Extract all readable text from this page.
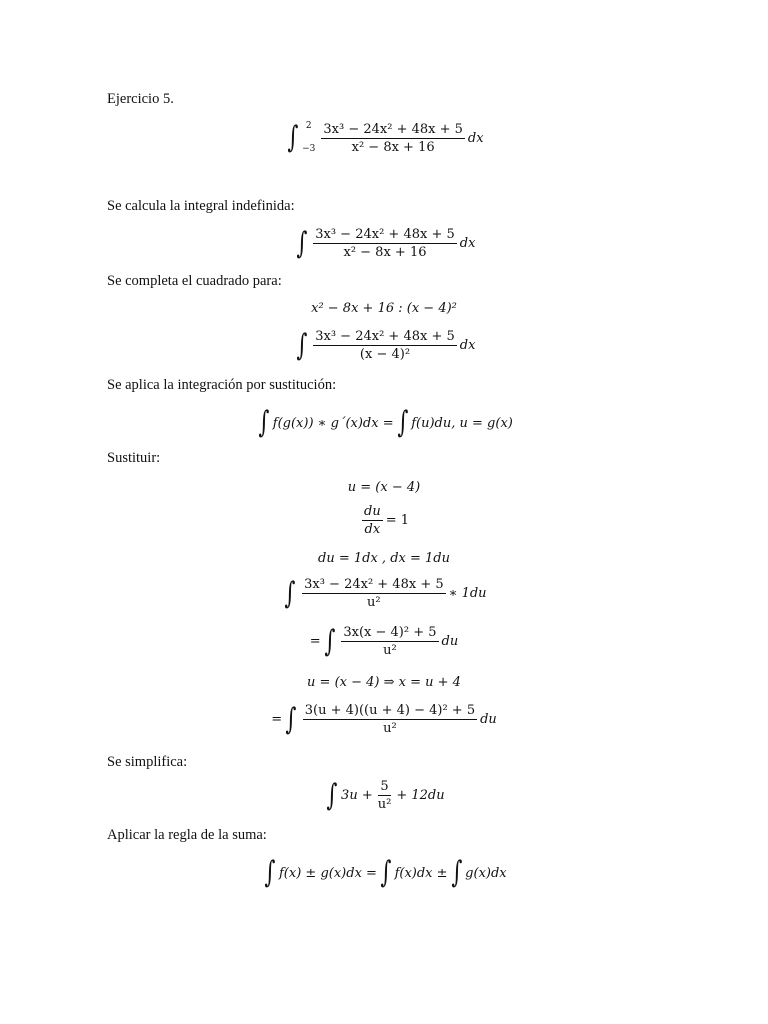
Ejercicio 5.
∫ 2
$-3 \frac{\text{3x³ − 24x² + 48x + 5}}{\text{x² − 8x + 16}}$ dx
Se calcula la integral indefinida:
∫ $\frac{\text{3x³ − 24x² + 48x + 5}}{\text{x² − 8x + 16}}$ dx
Se completa el cuadrado para:
x² − 8x + 16 : (x − 4)²
∫ $\frac{\text{3x³ − 24x² + 48x + 5}}{\text{(x − 4)²}}$ dx
Se aplica la integración por sustitución:
∫ f(g(x)) ∗ g´(x)dx = ∫ f(u)du, u = g(x)
Sustituir:
u = (x − 4)
$\frac{du}{dx} = 1$
du = 1dx , dx = 1du
∫ $\frac{\text{3x³ − 24x² + 48x + 5}}{\text{u²}}$ ∗ 1du
= ∫ $\frac{\text{3x(x − 4)² + 5}}{\text{u²}}$ du
u = (x − 4) ⇒ x = u + 4
= ∫ $\frac{\text{3(u + 4)((u + 4) − 4)² + 5}}{\text{u²}}$ du
Se simplifica:
∫ $3u + \frac{5}{\text{u²}} + 12du$
Aplicar la regla de la suma:
∫ f(x) ± g(x)dx = ∫ f(x)dx ± ∫ g(x)dx
